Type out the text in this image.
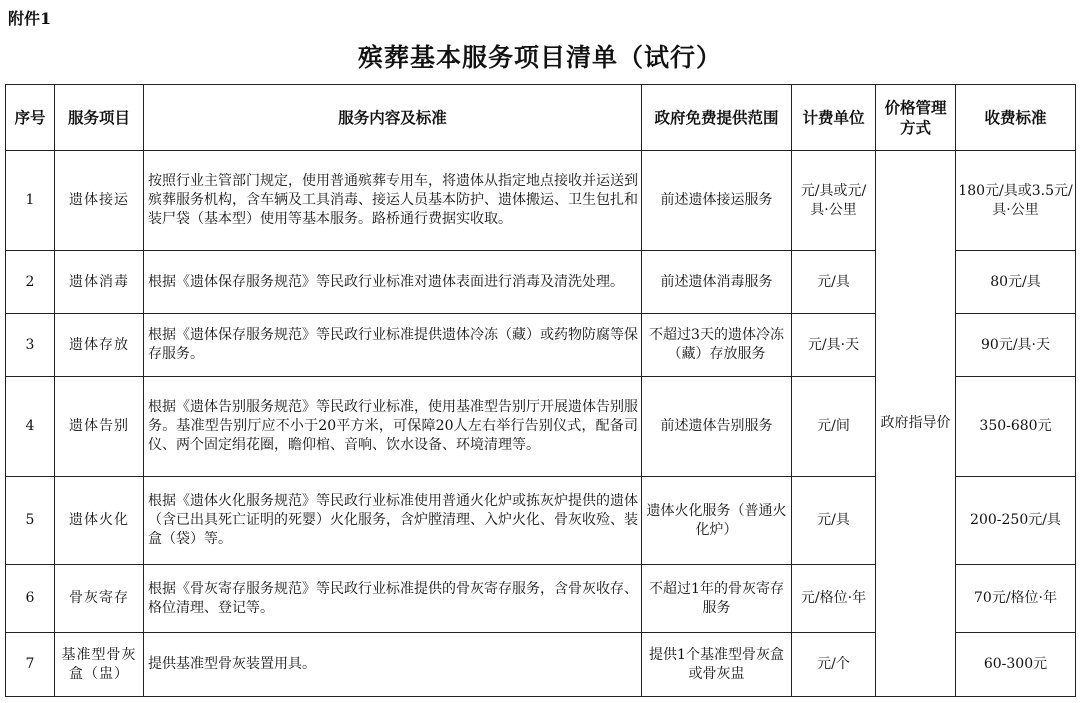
附件1
殡葬基本服务项目清单（试行）
序号	服务项目	服务内容及标准	政府免费提供范围	计费单位	价格管理方式	收费标准
1	遗体接运	按照行业主管部门规定，使用普通殡葬专用车，将遗体从指定地点接收并运送到殡葬服务机构，含车辆及工具消毒、接运人员基本防护、遗体搬运、卫生包扎和装尸袋（基本型）使用等基本服务。路桥通行费据实收取。	前述遗体接运服务	元/具或元/具·公里	政府指导价	180元/具或3.5元/具·公里
2	遗体消毒	根据《遗体保存服务规范》等民政行业标准对遗体表面进行消毒及清洗处理。	前述遗体消毒服务	元/具		80元/具
3	遗体存放	根据《遗体保存服务规范》等民政行业标准提供遗体冷冻（藏）或药物防腐等保存服务。	不超过3天的遗体冷冻（藏）存放服务	元/具·天		90元/具·天
4	遗体告别	根据《遗体告别服务规范》等民政行业标准，使用基准型告别厅开展遗体告别服务。基准型告别厅应不小于20平方米，可保障20人左右举行告别仪式，配备司仪、两个固定绢花圈，瞻仰棺、音响、饮水设备、环境清理等。	前述遗体告别服务	元/间		350-680元
5	遗体火化	根据《遗体火化服务规范》等民政行业标准使用普通火化炉或拣灰炉提供的遗体（含已出具死亡证明的死婴）火化服务，含炉膛清理、入炉火化、骨灰收殓、装盒（袋）等。	遗体火化服务（普通火化炉）	元/具		200-250元/具
6	骨灰寄存	根据《骨灰寄存服务规范》等民政行业标准提供的骨灰寄存服务，含骨灰收存、格位清理、登记等。	不超过1年的骨灰寄存服务	元/格位·年		70元/格位·年
7	基准型骨灰盒（盅）	提供基准型骨灰装置用具。	提供1个基准型骨灰盒或骨灰盅	元/个		60-300元
